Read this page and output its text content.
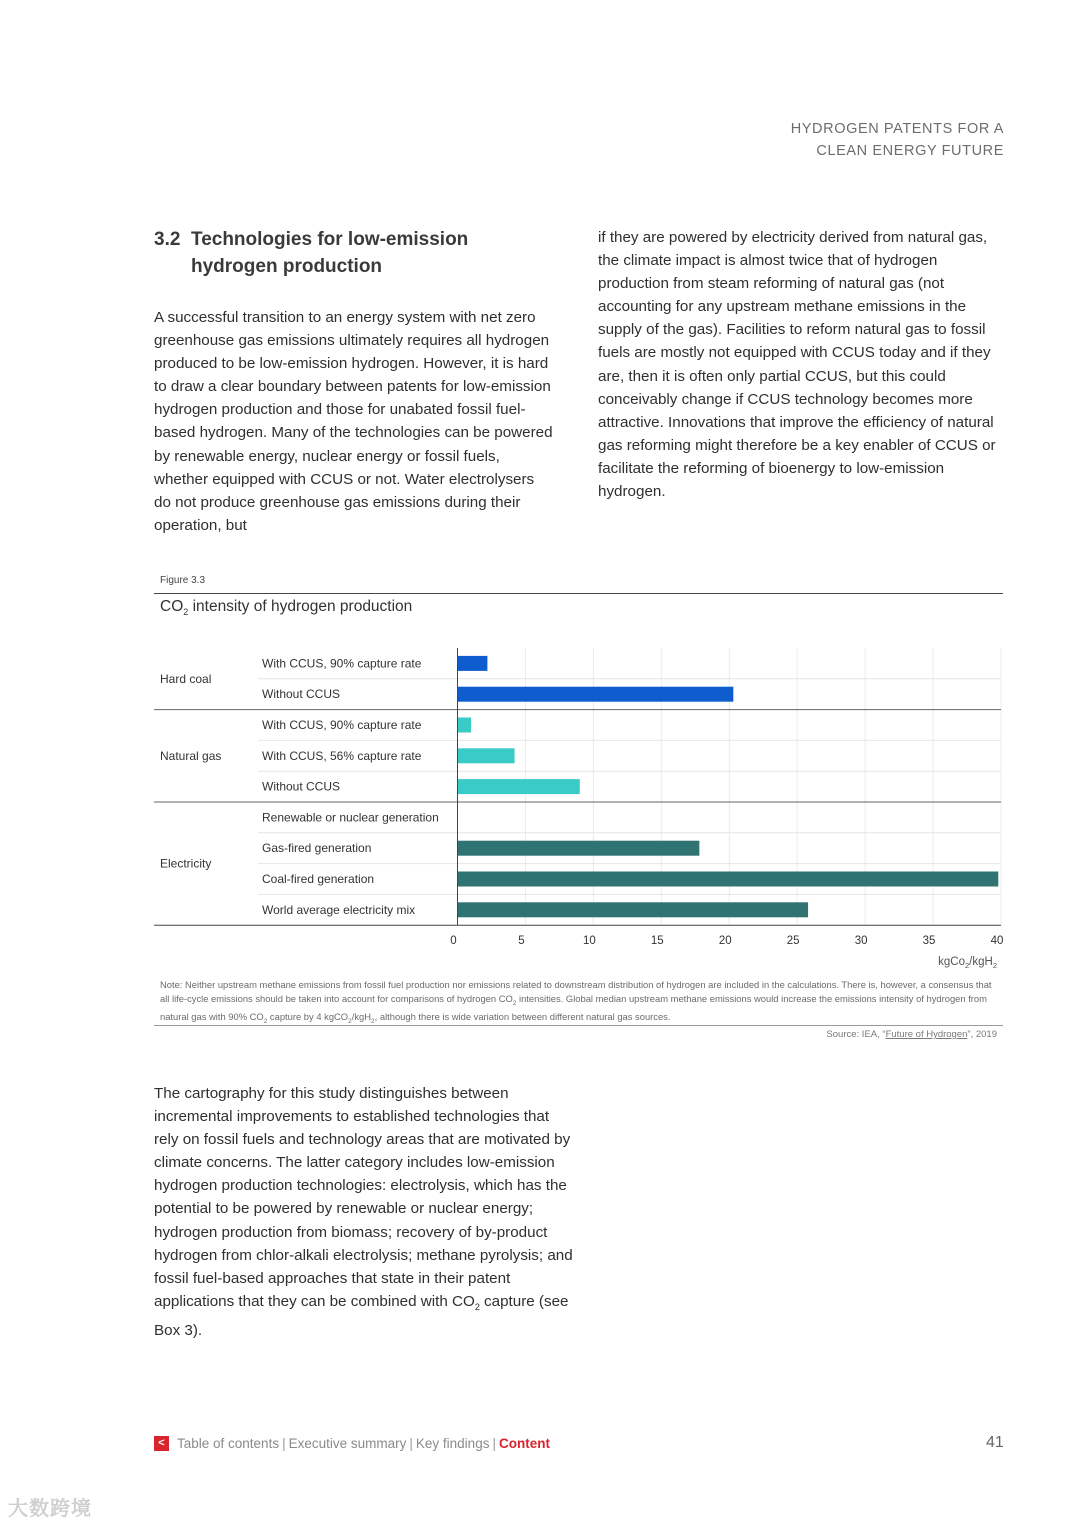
HYDROGEN PATENTS FOR A
CLEAN ENERGY FUTURE
3.2 Technologies for low-emission hydrogen production

A successful transition to an energy system with net zero greenhouse gas emissions ultimately requires all hydrogen produced to be low-emission hydrogen. However, it is hard to draw a clear boundary between patents for low-emission hydrogen production and those for unabated fossil fuel-based hydrogen. Many of the technologies can be powered by renewable energy, nuclear energy or fossil fuels, whether equipped with CCUS or not. Water electrolysers do not produce greenhouse gas emissions during their operation, but

if they are powered by electricity derived from natural gas, the climate impact is almost twice that of hydrogen production from steam reforming of natural gas (not accounting for any upstream methane emissions in the supply of the gas). Facilities to reform natural gas to fossil fuels are mostly not equipped with CCUS today and if they are, then it is often only partial CCUS, but this could conceivably change if CCUS technology becomes more attractive. Innovations that improve the efficiency of natural gas reforming might therefore be a key enabler of CCUS or facilitate the reforming of bioenergy to low-emission hydrogen.

Figure 3.3
$CO_2$ intensity of hydrogen production
With CCUS, 90% capture rate
Without CCUS
Hard coal
With CCUS, 90% capture rate
With CCUS, 56% capture rate
Without CCUS
Natural gas
Renewable or nuclear generation
Gas-fired generation
Coal-fired generation
World average electricity mix
Electricity
0	5	10	15	20	25	30	35	40
kgCo$_2$/kgH$_2$
Note: Neither upstream methane emissions from fossil fuel production nor emissions related to downstream distribution of hydrogen are included in the calculations. There is, however, a consensus that all life-cycle emissions should be taken into account for comparisons of hydrogen $CO_2$ intensities. Global median upstream methane emissions would increase the emissions intensity of hydrogen from natural gas with 90% $CO_2$ capture by 4 kgCO$_2$/kgH$_2$, although there is wide variation between different natural gas sources.
Source: IEA, “Future of Hydrogen”, 2019

The cartography for this study distinguishes between incremental improvements to established technologies that rely on fossil fuels and technology areas that are motivated by climate concerns. The latter category includes low-emission hydrogen production technologies: electrolysis, which has the potential to be powered by renewable or nuclear energy; hydrogen production from biomass; recovery of by-product hydrogen from chlor-alkali electrolysis; methane pyrolysis; and fossil fuel-based approaches that state in their patent applications that they can be combined with $CO_2$ capture (see Box 3).

< Table of contents | Executive summary | Key findings | Content	41
大数跨境
